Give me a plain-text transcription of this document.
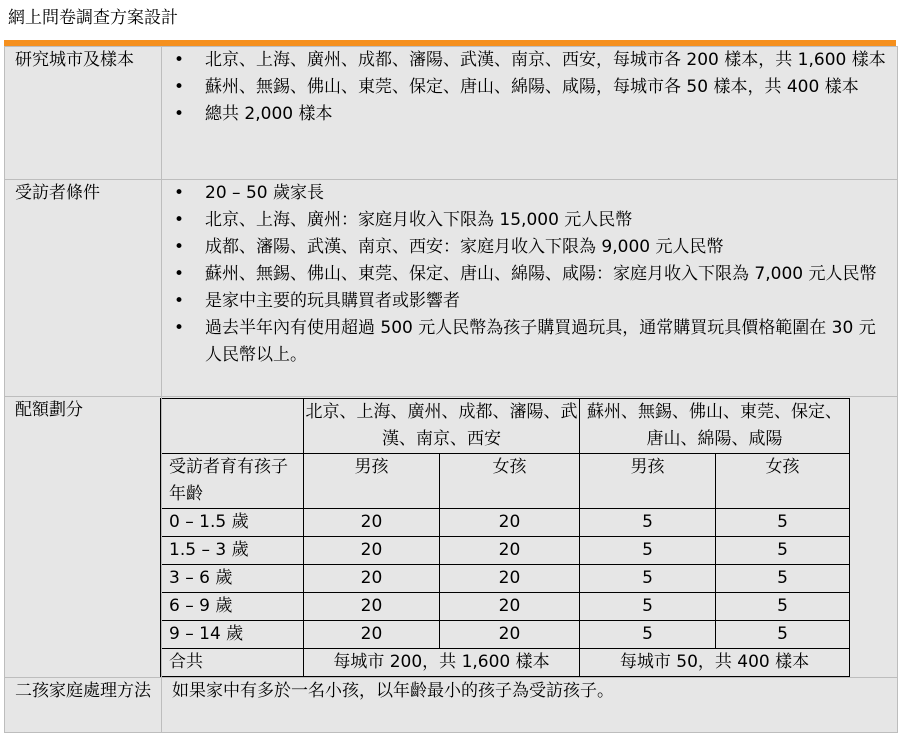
網上問卷調查方案設計
研究城市及樣本	
•北京、上海、廣州、成都、瀋陽、武漢、南京、西安，每城市各 200 樣本，共 1,600 樣本
• 蘇州、無錫、佛山、東莞、保定、唐山、綿陽、咸陽，每城市各 50 樣本，共 400 樣本
• 總共 2,000 樣本

受訪者條件	
•20 – 50 歲家長
• 北京、上海、廣州：家庭月收入下限為 15,000 元人民幣
• 成都、瀋陽、武漢、南京、西安：家庭月收入下限為 9,000 元人民幣
• 蘇州、無錫、佛山、東莞、保定、唐山、綿陽、咸陽：家庭月收入下限為 7,000 元人民幣
• 是家中主要的玩具購買者或影響者
• 過去半年內有使用超過 500 元人民幣為孩子購買過玩具，通常購買玩具價格範圍在 30 元人民幣以上。

配額劃分	
		北京、上海、廣州、成都、瀋陽、武漢、南京、西安	蘇州、無錫、佛山、東莞、保定、唐山、綿陽、咸陽
受訪者育有孩子年齡	男孩	女孩	男孩	女孩
0 – 1.5 歲	20	20	5	5
1.5 – 3 歲	20	20	5	5
3 – 6 歲	20	20	5	5
6 – 9 歲	20	20	5	5
9 – 14 歲	20	20	5	5
合共	每城市 200，共 1,600 樣本	每城市 50，共 400 樣本

二孩家庭處理方法	如果家中有多於一名小孩，以年齡最小的孩子為受訪孩子。
